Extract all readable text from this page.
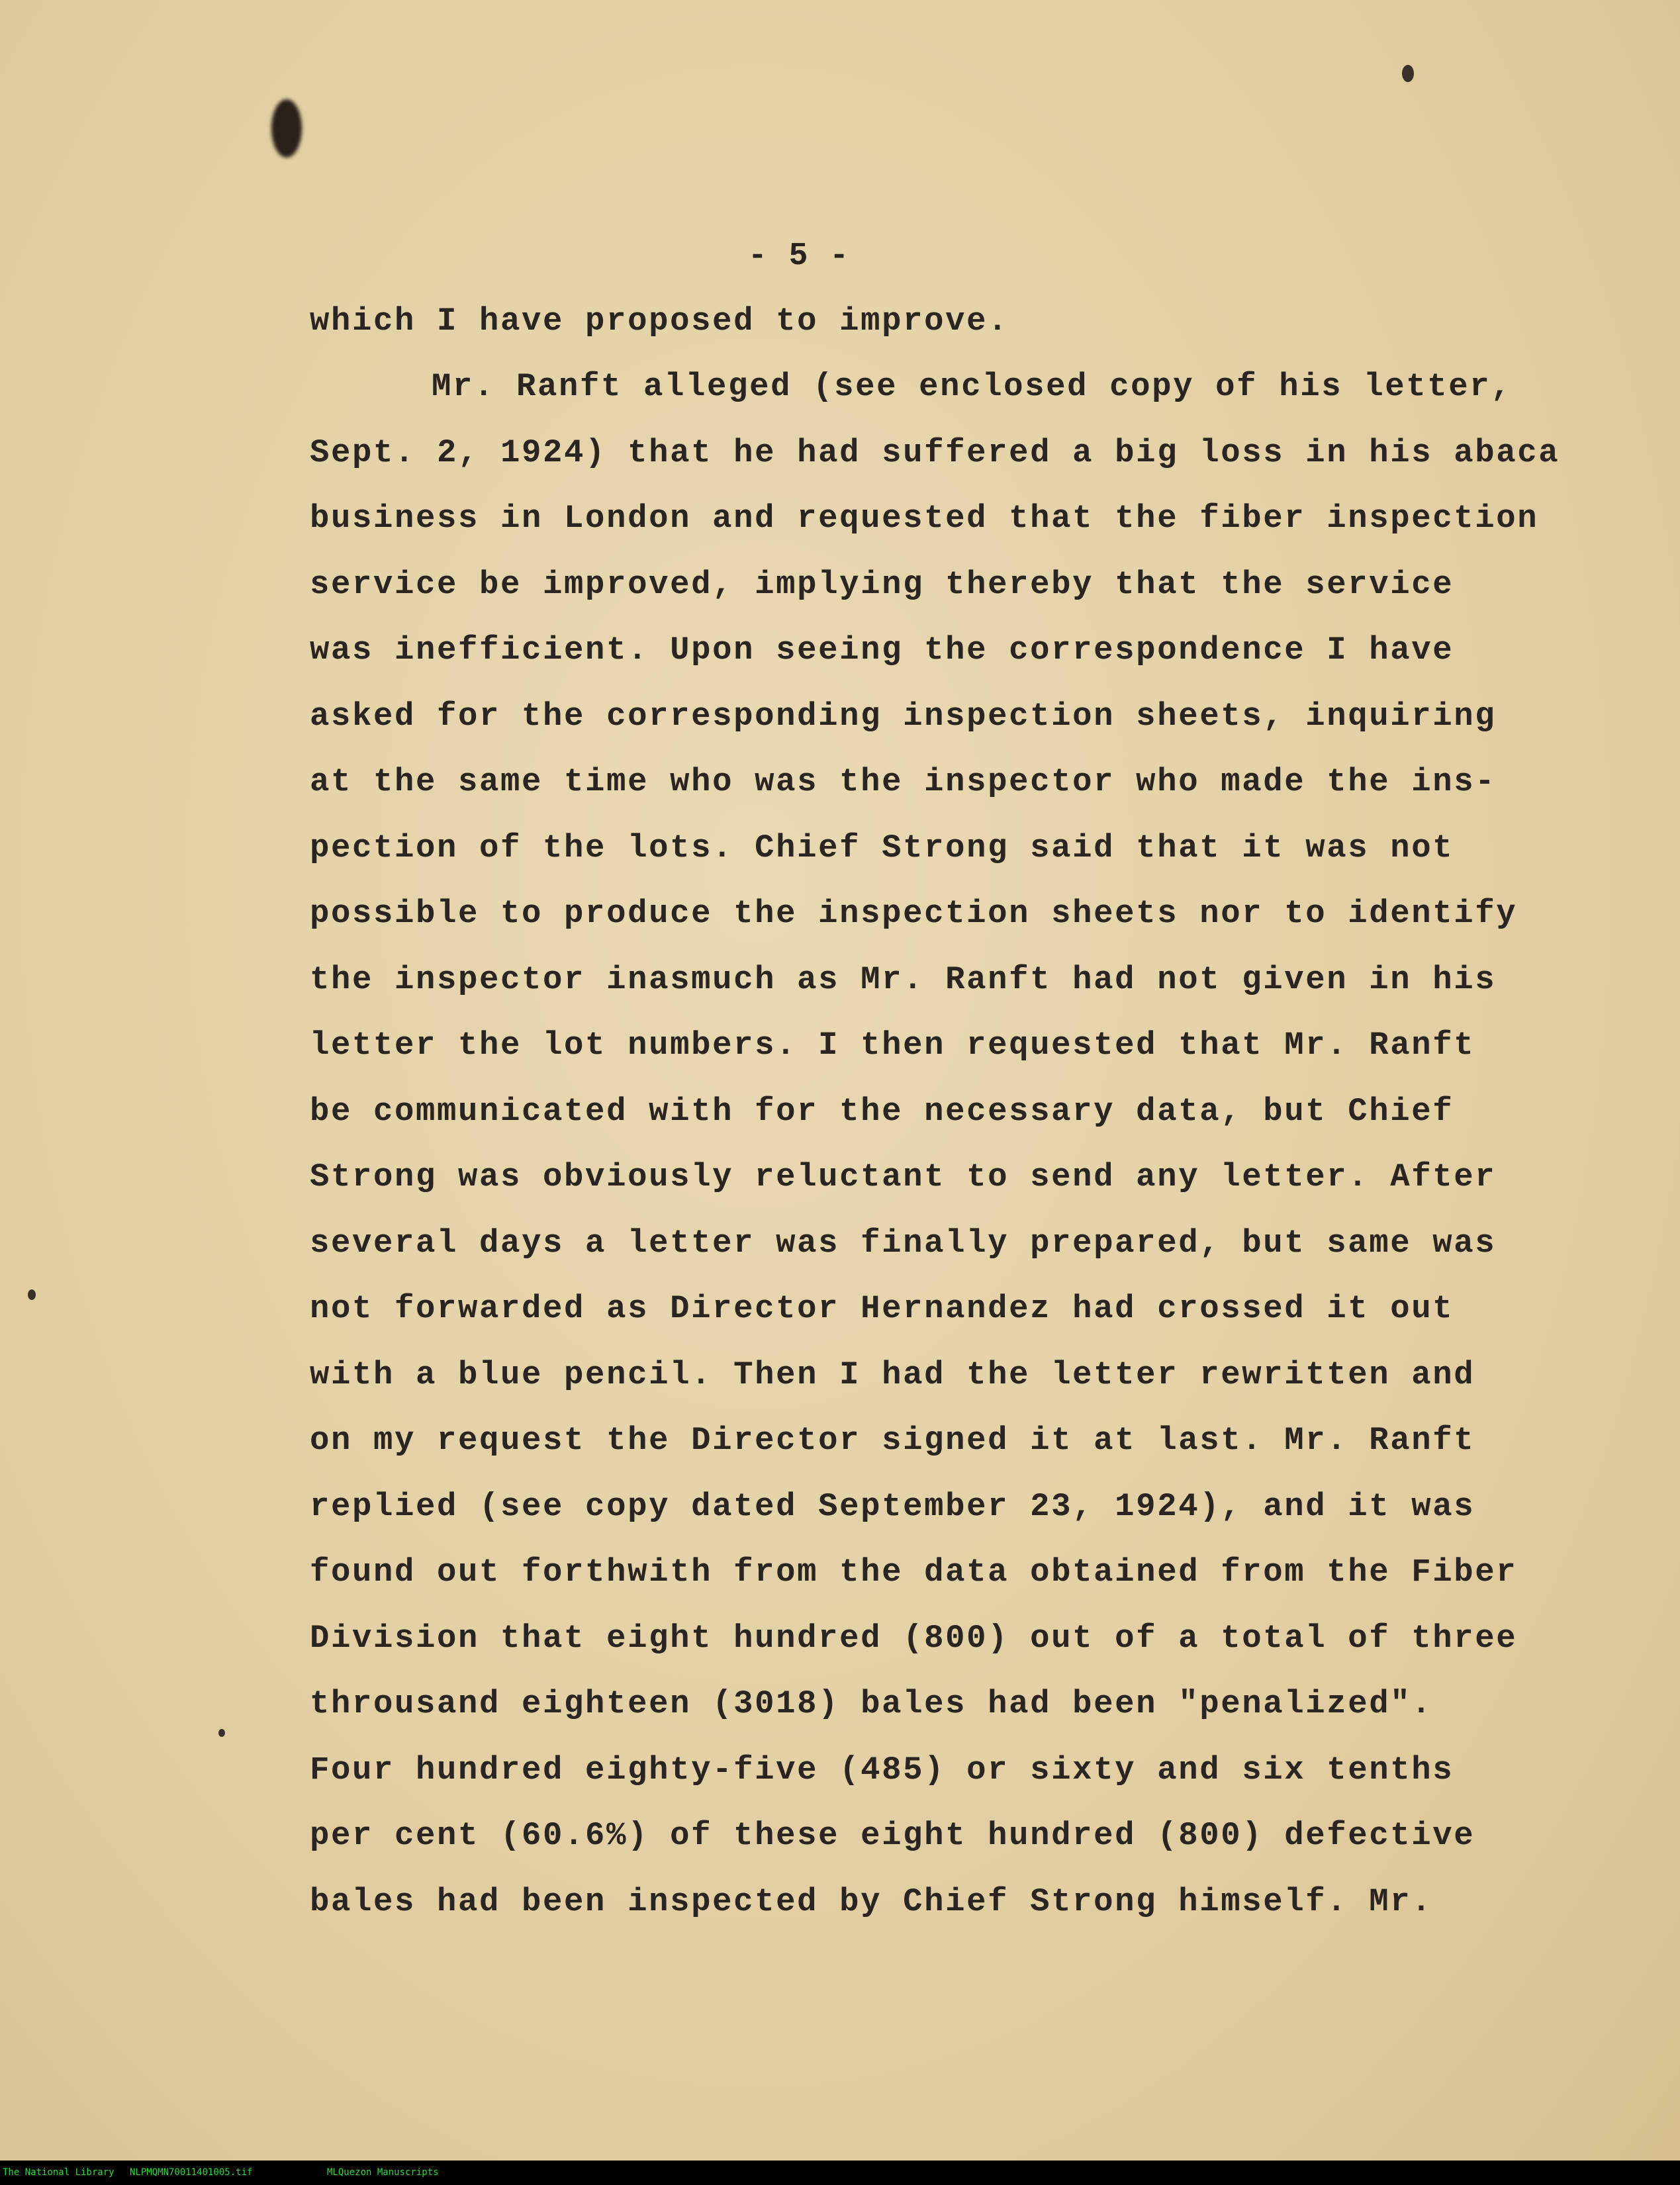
- 5 -
which I have proposed to improve.
Mr. Ranft alleged (see enclosed copy of his letter,
Sept. 2, 1924) that he had suffered a big loss in his abaca
business in London and requested that the fiber inspection
service be improved, implying thereby that the service
was inefficient. Upon seeing the correspondence I have
asked for the corresponding inspection sheets, inquiring
at the same time who was the inspector who made the ins-
pection of the lots. Chief Strong said that it was not
possible to produce the inspection sheets nor to identify
the inspector inasmuch as Mr. Ranft had not given in his
letter the lot numbers. I then requested that Mr. Ranft
be communicated with for the necessary data, but Chief
Strong was obviously reluctant to send any letter. After
several days a letter was finally prepared, but same was
not forwarded as Director Hernandez had crossed it out
with a blue pencil. Then I had the letter rewritten and
on my request the Director signed it at last. Mr. Ranft
replied (see copy dated September 23, 1924), and it was
found out forthwith from the data obtained from the Fiber
Division that eight hundred (800) out of a total of three
throusand eighteen (3018) bales had been "penalized".
Four hundred eighty-five (485) or sixty and six tenths
per cent (60.6%) of these eight hundred (800) defective
bales had been inspected by Chief Strong himself. Mr.
The National Library NLPMQMN70011401005.tif	MLQuezon Manuscripts
